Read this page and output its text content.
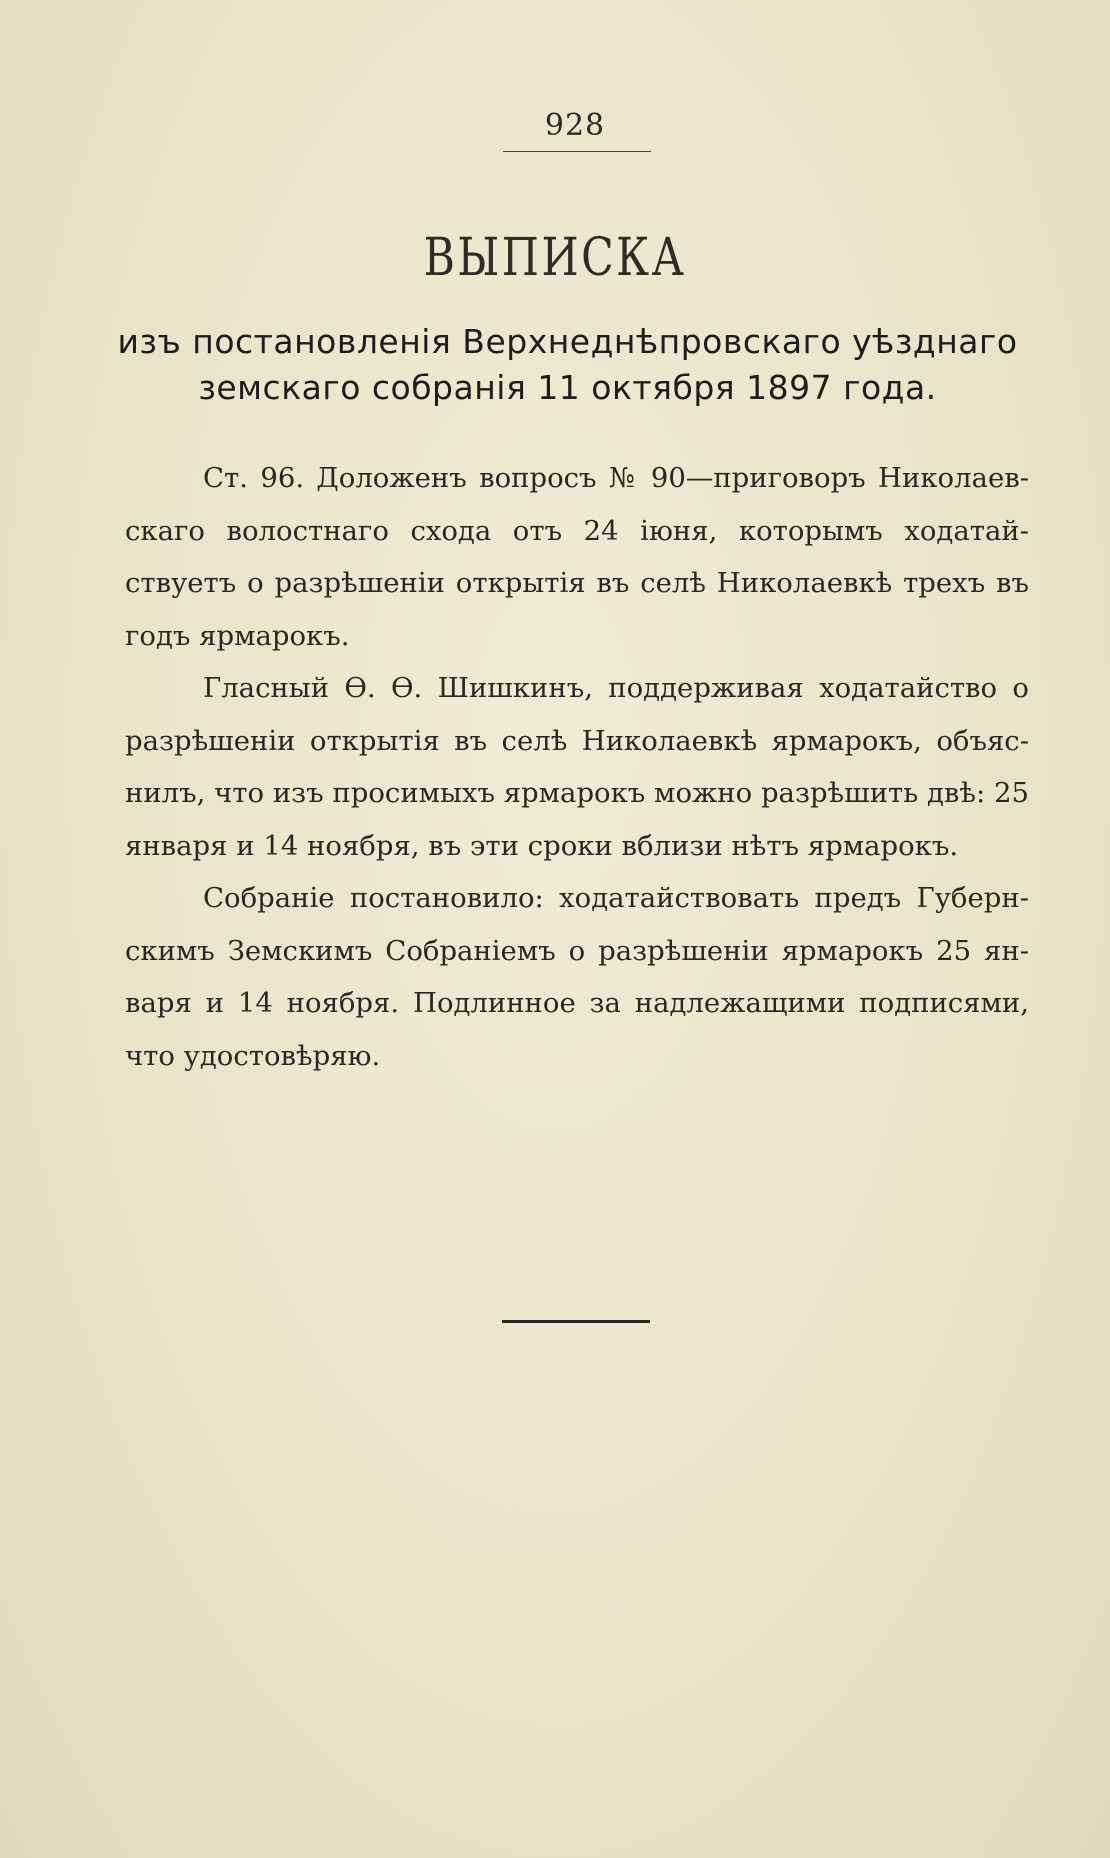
928
ВЫПИСКА
изъ постановленія Верхнеднѣпровскаго уѣзднаго
земскаго собранія 11 октября 1897 года.

Ст. 96. Доложенъ вопросъ № 90—приговоръ Николаевскаго волостнаго схода отъ 24 іюня, которымъ ходатайствуетъ о разрѣшеніи открытія въ селѣ Николаевкѣ трехъ въ годъ ярмарокъ.

Гласный Ѳ. Ѳ. Шишкинъ, поддерживая ходатайство о разрѣшеніи открытія въ селѣ Николаевкѣ ярмарокъ, объяснилъ, что изъ просимыхъ ярмарокъ можно разрѣшить двѣ: 25 января и 14 ноября, въ эти сроки вблизи нѣтъ ярмарокъ.

Собраніе постановило: ходатайствовать предъ Губернскимъ Земскимъ Собраніемъ о разрѣшеніи ярмарокъ 25 января и 14 ноября. Подлинное за надлежащими подписями, что удостовѣряю.
